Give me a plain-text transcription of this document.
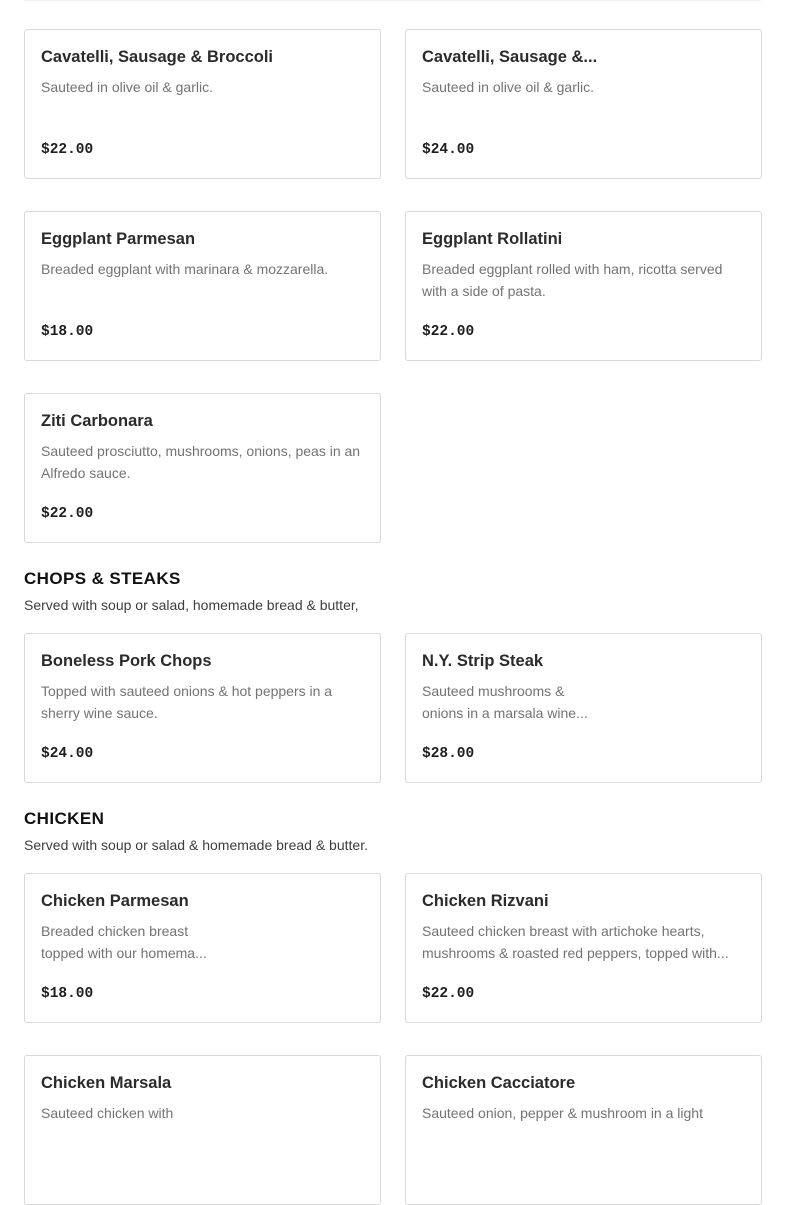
Cavatelli, Sausage & Broccoli
Sauteed in olive oil & garlic.
$22.00
Cavatelli, Sausage &...
Sauteed in olive oil & garlic.
$24.00
Eggplant Parmesan
Breaded eggplant with marinara & mozzarella.
$18.00
Eggplant Rollatini
Breaded eggplant rolled with ham, ricotta served with a side of pasta.
$22.00
Ziti Carbonara
Sauteed prosciutto, mushrooms, onions, peas in an Alfredo sauce.
$22.00
CHOPS & STEAKS
Served with soup or salad, homemade bread & butter,
Boneless Pork Chops
Topped with sauteed onions & hot peppers in a sherry wine sauce.
$24.00
N.Y. Strip Steak
Sauteed mushrooms & onions in a marsala wine...
$28.00
CHICKEN
Served with soup or salad & homemade bread & butter.
Chicken Parmesan
Breaded chicken breast topped with our homema...
$18.00
Chicken Rizvani
Sauteed chicken breast with artichoke hearts, mushrooms & roasted red peppers, topped with...
$22.00
Chicken Marsala
Sauteed chicken with
Chicken Cacciatore
Sauteed onion, pepper & mushroom in a light
